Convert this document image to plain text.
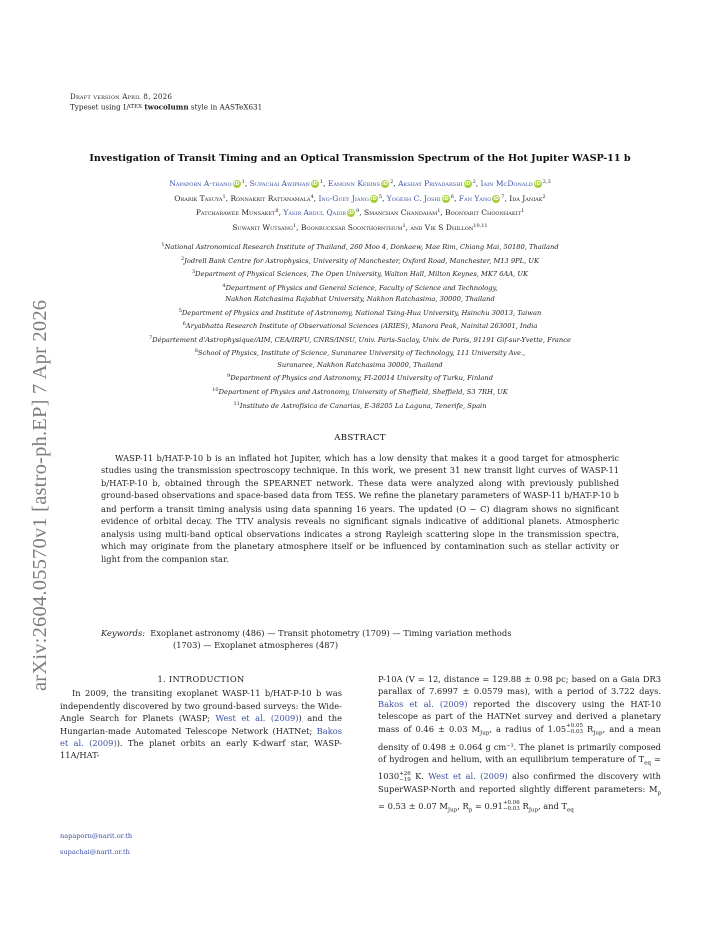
arXiv:2604.05570v1 [astro-ph.EP] 7 Apr 2026
Draft version April 8, 2026
Typeset using $L^{ATEX}$ twocolumn style in AASTeX631
Investigation of Transit Timing and an Optical Transmission Spectrum of the Hot Jupiter WASP-11 b
Napaporn A-thano iD $^1$, Supachai Awiphan iD $^1$, Eamonn Kerins iD $^2$, Akshay Priyadarshi iD $^2$, Iain McDonald iD $^{2,3}$
Orarik Tasuya$^1$, Ronnakrit Rattanamala$^4$, Ing-Guey Jiang iD $^5$, Yogesh C. Joshi iD $^6$, Fan Yang iD $^7$, Ida Janiak$^2$
Patcharawee Munsaket$^8$, Yasir Abdul Qadir iD $^9$, Smanchan Chandaiam$^1$, Boonyarit Choonhakit$^1$
Suwanit Wutsang$^1$, Boonrucksar Soonthornthum$^1$, and Vik S Dhillon$^{10,11}$
$^1$National Astronomical Research Institute of Thailand, 260 Moo 4, Donkaew, Mae Rim, Chiang Mai, 50180, Thailand
$^2$Jodrell Bank Centre for Astrophysics, University of Manchester, Oxford Road, Manchester, M13 9PL, UK
$^3$Department of Physical Sciences, The Open University, Walton Hall, Milton Keynes, MK7 6AA, UK
$^4$Department of Physics and General Science, Faculty of Science and Technology,
Nakhon Ratchasima Rajabhat University, Nakhon Ratchasima, 30000, Thailand
$^5$Department of Physics and Institute of Astronomy, National Tsing-Hua University, Hsinchu 30013, Taiwan
$^6$Aryabhatta Research Institute of Observational Sciences (ARIES), Manora Peak, Nainital 263001, India
$^7$Département d'Astrophysique/AIM, CEA/IRFU, CNRS/INSU, Univ. Paris-Saclay, Univ. de Paris, 91191 Gif-sur-Yvette, France
$^8$School of Physics, Institute of Science, Suranaree University of Technology, 111 University Ave.,
Suranaree, Nakhon Ratchasima 30000, Thailand
$^9$Department of Physics and Astronomy, FI-20014 University of Turku, Finland
$^{10}$Department of Physics and Astronomy, University of Sheffield, Sheffield, S3 7RH, UK
$^{11}$Instituto de Astrofísica de Canarias, E-38205 La Laguna, Tenerife, Spain
ABSTRACT
WASP-11 b/HAT-P-10 b is an inflated hot Jupiter, which has a low density that makes it a good target for atmospheric studies using the transmission spectroscopy technique. In this work, we present 31 new transit light curves of WASP-11 b/HAT-P-10 b, obtained through the SPEARNET network. These data were analyzed along with previously published ground-based observations and space-based data from TESS. We refine the planetary parameters of WASP-11 b/HAT-P-10 b and perform a transit timing analysis using data spanning 16 years. The updated (O − C) diagram shows no significant evidence of orbital decay. The TTV analysis reveals no significant signals indicative of additional planets. Atmospheric analysis using multi-band optical observations indicates a strong Rayleigh scattering slope in the transmission spectra, which may originate from the planetary atmosphere itself or be influenced by contamination such as stellar activity or light from the companion star.
Keywords: Exoplanet astronomy (486) — Transit photometry (1709) — Timing variation methods
(1703) — Exoplanet atmospheres (487)
1. INTRODUCTION
In 2009, the transiting exoplanet WASP-11 b/HAT-P-10 b was independently discovered by two ground-based surveys: the Wide-Angle Search for Planets (WASP; West et al. (2009)) and the Hungarian-made Automated Telescope Network (HATNet; Bakos et al. (2009)). The planet orbits an early K-dwarf star, WASP-11A/HAT-
napaporn@narit.or.th
supachai@narit.or.th
P-10A (V = 12, distance = 129.88 ± 0.98 pc; based on a Gaia DR3 parallax of 7.6997 ± 0.0579 mas), with a period of 3.722 days. Bakos et al. (2009) reported the discovery using the HAT-10 telescope as part of the HATNet survey and derived a planetary mass of 0.46 ± 0.03 $M_{Jup}$, a radius of 1.05 +0.05
−0.03 $R_{Jup}$, and a mean density of 0.498 ± 0.064 g $cm^{-3}$. The planet is primarily composed of hydrogen and helium, with an equilibrium temperature of $T_{eq} = 1030 +26$
−19 K. West et al. (2009) also confirmed the discovery with SuperWASP-North and reported slightly different parameters: $M_p = 0.53 \pm 0.07$ $M_{Jup}$, $R_p = 0.91 +0.06$
−0.03 $R_{Jup}$, and $T_{eq}$
